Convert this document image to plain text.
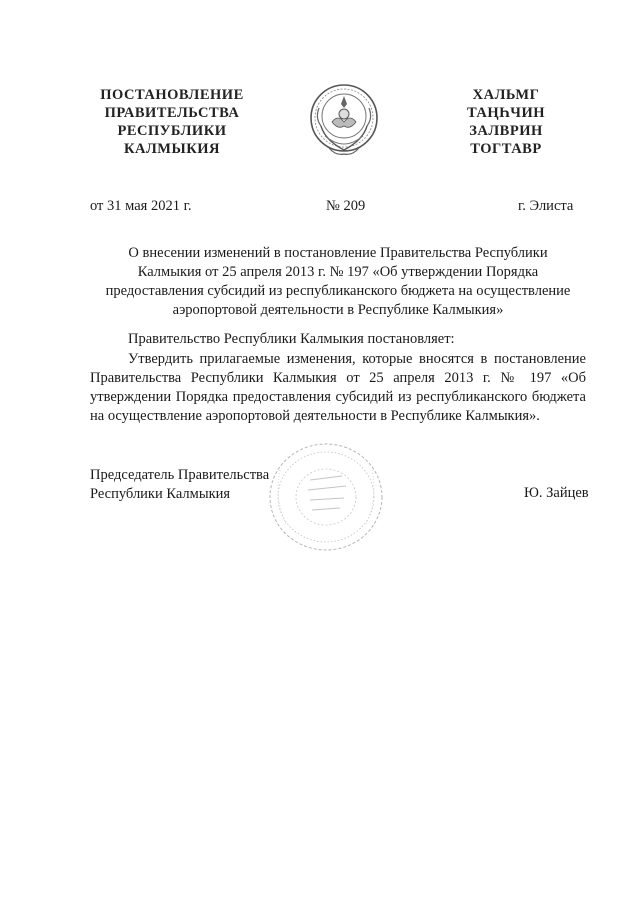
ПОСТАНОВЛЕНИЕ
ПРАВИТЕЛЬСТВА
РЕСПУБЛИКИ
КАЛМЫКИЯ
ХАЛЬМГ
ТАҢҺЧИН
ЗАЛВРИН
ТОГТАВР
от 31 мая 2021 г.	№ 209	г. Элиста
О внесении изменений в постановление Правительства Республики
Калмыкия от 25 апреля 2013 г. № 197 «Об утверждении Порядка
предоставления субсидий из республиканского бюджета на осуществление
аэропортовой деятельности в Республике Калмыкия»
Правительство Республики Калмыкия постановляет:
Утвердить прилагаемые изменения, которые вносятся в постановление Правительства Республики Калмыкия от 25 апреля 2013 г. № 197 «Об утверждении Порядка предоставления субсидий из республиканского бюджета на осуществление аэропортовой деятельности в Республике Калмыкия».
Председатель Правительства
Республики Калмыкия	Ю. Зайцев
